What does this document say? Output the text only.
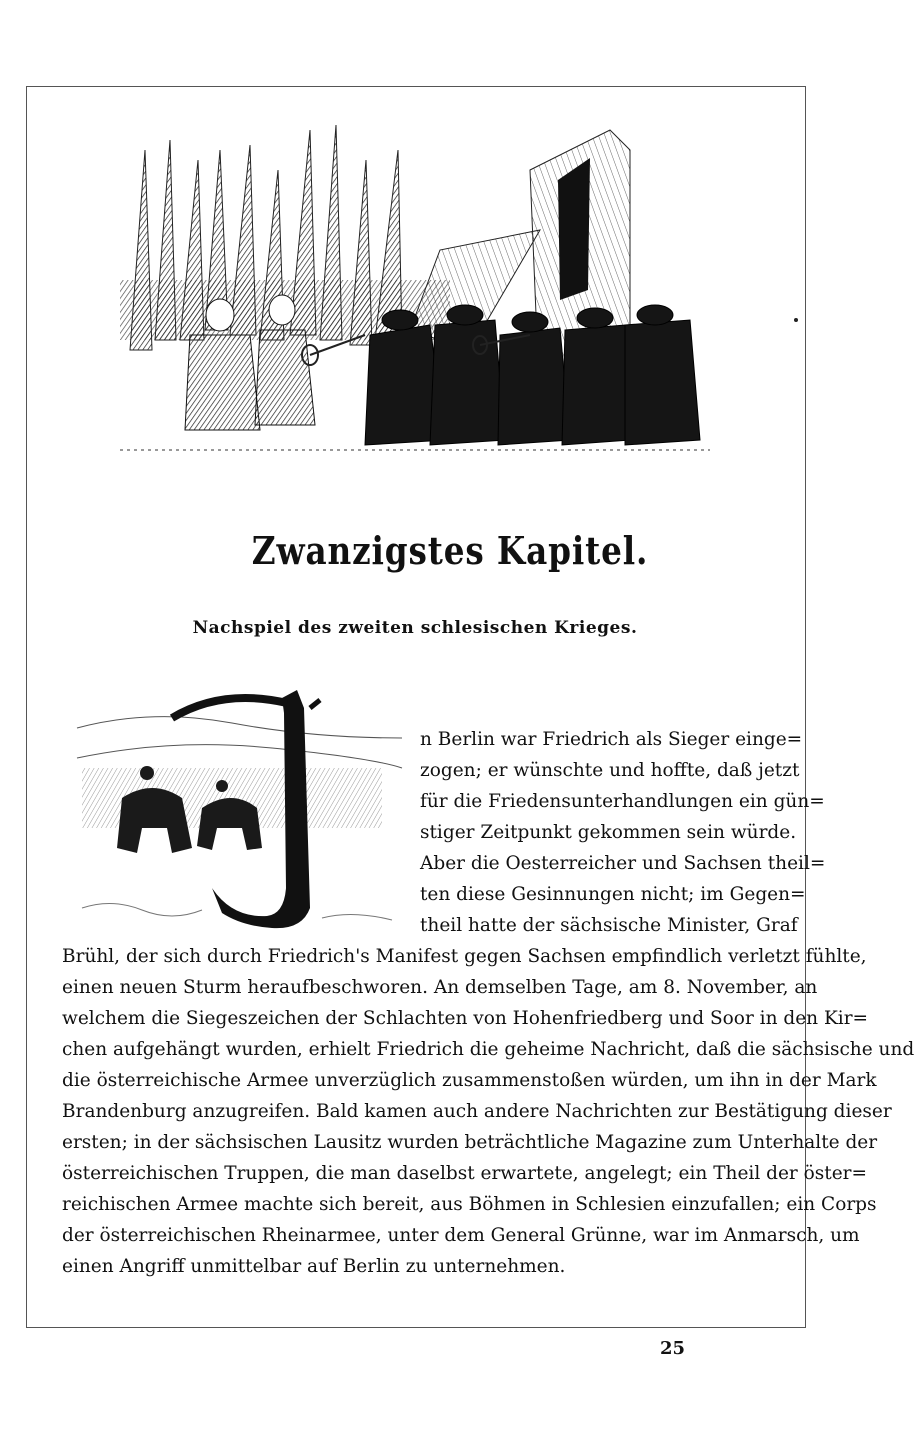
Zwanzigstes Kapitel.
Nachspiel des zweiten schlesischen Krieges.

n Berlin war Friedrich als Sieger einge=

zogen; er wünschte und hoffte, daß jetzt

für die Friedensunterhandlungen ein gün=

stiger Zeitpunkt gekommen sein würde.

Aber die Oesterreicher und Sachsen theil=

ten diese Gesinnungen nicht; im Gegen=

theil hatte der sächsische Minister, Graf

Brühl, der sich durch Friedrich's Manifest gegen Sachsen empfindlich verletzt fühlte,

einen neuen Sturm heraufbeschworen. An demselben Tage, am 8. November, an

welchem die Siegeszeichen der Schlachten von Hohenfriedberg und Soor in den Kir=

chen aufgehängt wurden, erhielt Friedrich die geheime Nachricht, daß die sächsische und

die österreichische Armee unverzüglich zusammenstoßen würden, um ihn in der Mark

Brandenburg anzugreifen. Bald kamen auch andere Nachrichten zur Bestätigung dieser

ersten; in der sächsischen Lausitz wurden beträchtliche Magazine zum Unterhalte der

österreichischen Truppen, die man daselbst erwartete, angelegt; ein Theil der öster=

reichischen Armee machte sich bereit, aus Böhmen in Schlesien einzufallen; ein Corps

der österreichischen Rheinarmee, unter dem General Grünne, war im Anmarsch, um

einen Angriff unmittelbar auf Berlin zu unternehmen.

25
